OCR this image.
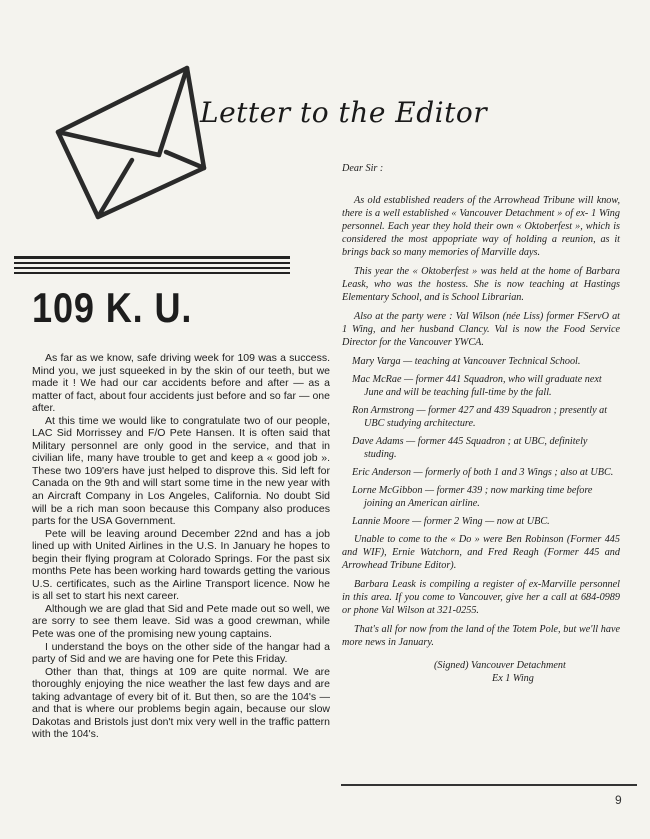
Letter to the Editor
109 K. U.

As far as we know, safe driving week for 109 was a success. Mind you, we just squeeked in by the skin of our teeth, but we made it ! We had our car accidents before and after — as a matter of fact, about four accidents just before and so far — one after.

At this time we would like to congratulate two of our people, LAC Sid Morrissey and F/O Pete Hansen. It is often said that Military personnel are only good in the service, and that in civilian life, many have trouble to get and keep a « good job ». These two 109'ers have just helped to disprove this. Sid left for Canada on the 9th and will start some time in the new year with an Aircraft Company in Los Angeles, California. No doubt Sid will be a rich man soon because this Company also produces parts for the USA Government.

Pete will be leaving around December 22nd and has a job lined up with United Airlines in the U.S. In January he hopes to begin their flying program at Colorado Springs. For the past six months Pete has been working hard towards getting the various U.S. certificates, such as the Airline Transport licence. Now he is all set to start his next career.

Although we are glad that Sid and Pete made out so well, we are sorry to see them leave. Sid was a good crewman, while Pete was one of the promising new young captains.

I understand the boys on the other side of the hangar had a party of Sid and we are having one for Pete this Friday.

Other than that, things at 109 are quite normal. We are thoroughly enjoying the nice weather the last few days and are taking advantage of every bit of it. But then, so are the 104's — and that is where our problems begin again, because our slow Dakotas and Bristols just don't mix very well in the traffic pattern with the 104's.

Dear Sir :

As old established readers of the Arrowhead Tribune will know, there is a well established « Vancouver Detachment » of ex- 1 Wing personnel. Each year they hold their own « Oktoberfest », which is considered the most appopriate way of holding a reunion, as it brings back so many memories of Marville days.

This year the « Oktoberfest » was held at the home of Barbara Leask, who was the hostess. She is now teaching at Hastings Elementary School, and is School Librarian.

Also at the party were : Val Wilson (née Liss) former FServO at 1 Wing, and her husband Clancy. Val is now the Food Service Director for the Vancouver YWCA.

Mary Varga — teaching at Vancouver Technical School.

Mac McRae — former 441 Squadron, who will graduate next June and will be teaching full-time by the fall.

Ron Armstrong — former 427 and 439 Squadron ; presently at UBC studying architecture.

Dave Adams — former 445 Squadron ; at UBC, definitely studing.

Eric Anderson — formerly of both 1 and 3 Wings ; also at UBC.

Lorne McGibbon — former 439 ; now marking time before joining an American airline.

Lannie Moore — former 2 Wing — now at UBC.

Unable to come to the « Do » were Ben Robinson (Former 445 and WIF), Ernie Watchorn, and Fred Reagh (Former 445 and Arrowhead Tribune Editor).

Barbara Leask is compiling a register of ex-Marville personnel in this area. If you come to Vancouver, give her a call at 684-0989 or phone Val Wilson at 321-0255.

That's all for now from the land of the Totem Pole, but we'll have more news in January.

(Signed) Vancouver Detachment

Ex 1 Wing

9
